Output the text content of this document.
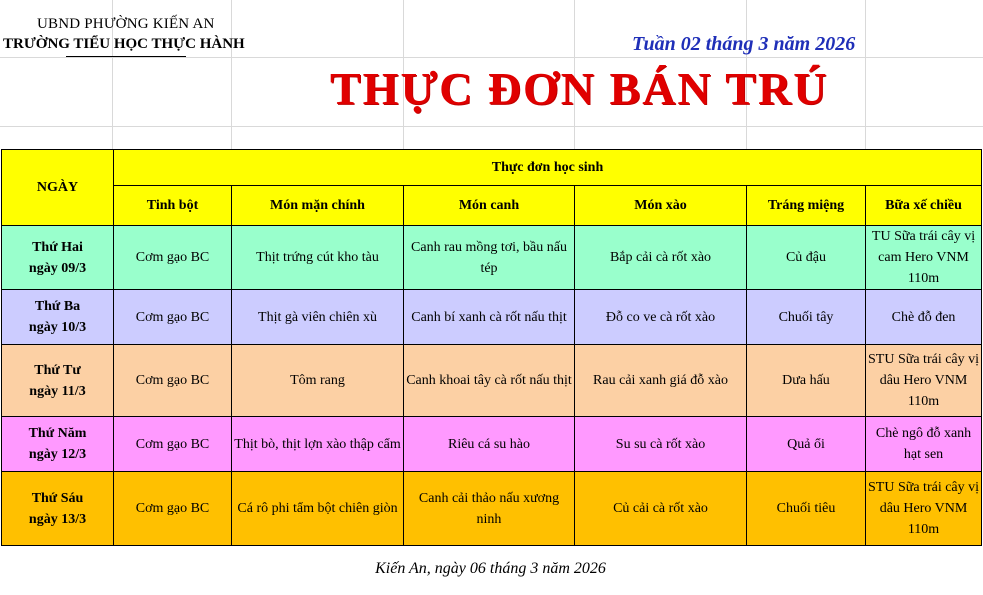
UBND PHƯỜNG KIẾN AN
TRƯỜNG TIỂU HỌC THỰC HÀNH	Tuần 02 tháng 3 năm 2026
THỰC ĐƠN BÁN TRÚ
NGÀY	Thực đơn học sinh					
	Tinh bột	Món mặn chính	Món canh	Món xào	Tráng miệng	Bữa xế chiều
Thứ Hai
ngày 09/3	Cơm gạo BC	Thịt trứng cút kho tàu	Canh rau mồng tơi, bầu nấu tép	Bắp cải cà rốt xào	Củ đậu	TU Sữa trái cây vị cam Hero VNM 110m
Thứ Ba
ngày 10/3	Cơm gạo BC	Thịt gà viên chiên xù	Canh bí xanh cà rốt nấu thịt	Đỗ co ve cà rốt xào	Chuối tây	Chè đỗ đen
Thứ Tư
ngày 11/3	Cơm gạo BC	Tôm rang	Canh khoai tây cà rốt nấu thịt	Rau cải xanh giá đỗ xào	Dưa hấu	STU Sữa trái cây vị dâu Hero VNM 110m
Thứ Năm
ngày 12/3	Cơm gạo BC	Thịt bò, thịt lợn xào thập cẩm	Riêu cá su hào	Su su cà rốt xào	Quả ổi	Chè ngô đỗ xanh hạt sen
Thứ Sáu
ngày 13/3	Cơm gạo BC	Cá rô phi tẩm bột chiên giòn	Canh cải thảo nấu xương ninh	Củ cải cà rốt xào	Chuối tiêu	STU Sữa trái cây vị dâu Hero VNM 110m
Kiến An, ngày 06 tháng 3 năm 2026
